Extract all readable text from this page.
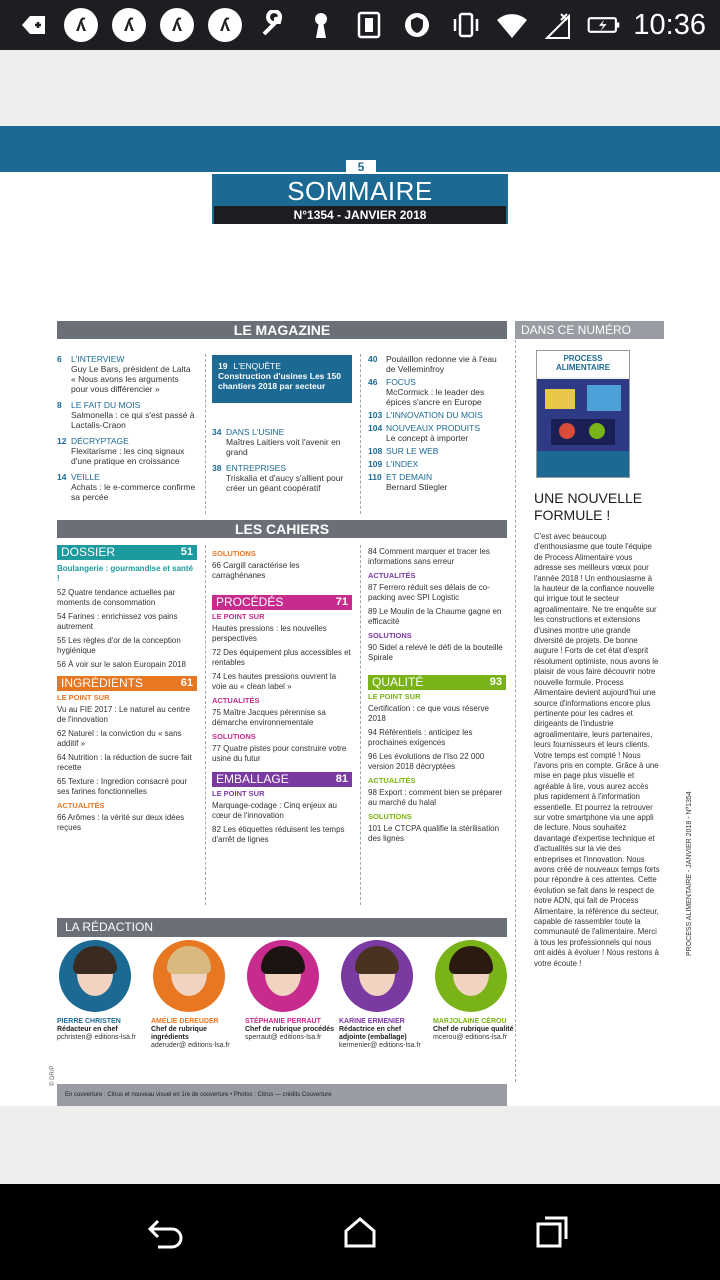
ʎ	ʎ	ʎ	ʎ	10:36
5
SOMMAIRE
N°1354 - JANVIER 2018
LE MAGAZINE	DANS CE NUMÉRO
6	L'INTERVIEW
Guy Le Bars, président de Lalta « Nous avons les arguments pour vous différencier »
8	LE FAIT DU MOIS
Salmonella : ce qui s'est passé à Lactalis-Craon
12 DÉCRYPTAGE
Flexitarisme : les cinq signaux d'une pratique en croissance
14 VEILLE
Achats : le e-commerce confirme sa percée
19 L'ENQUÊTE
Construction d'usines Les 150 chantiers 2018 par secteur
34 DANS L'USINE
Maîtres Laitiers voit l'avenir en grand
38 ENTREPRISES
Triskalia et d'aucy s'allient pour créer un géant coopératif
40	Poulaillon redonne vie à l'eau de Velleminfroy
46	FOCUS
McCormick : le leader des épices s'ancre en Europe
103 L'INNOVATION DU MOIS
104 NOUVEAUX PRODUITS
Le concept à importer
108 SUR LE WEB
109 L'INDEX
110 ET DEMAIN
Bernard Stiegler
LES CAHIERS
DOSSIER	51
Boulangerie : gourmandise et santé !
52 Quatre tendance actuelles par moments de consommation
54 Farines : enrichissez vos pains autrement
55 Les règles d'or de la conception hygiénique
56 À voir sur le salon Europain 2018
INGRÉDIENTS	61
LE POINT SUR
Vu au FIE 2017 : Le naturel au centre de l'innovation
62 Naturel : la conviction du « sans additif »
64 Nutrition : la réduction de sucre fait recette
65 Texture : Ingredion consacré pour ses farines fonctionnelles
ACTUALITÉS
66 Arômes : la vérité sur deux idées reçues
SOLUTIONS
66 Cargill caractérise les carraghénanes
PROCÉDÉS	71
LE POINT SUR
Hautes pressions : les nouvelles perspectives
72 Des équipement plus accessibles et rentables
74 Les hautes pressions ouvrent la voie au « clean label »
ACTUALITÉS
75 Maître Jacques pérennise sa démarche environnementale
SOLUTIONS
77 Quatre pistes pour construire votre usine du futur
EMBALLAGE	81
LE POINT SUR
Marquage-codage : Cinq enjeux au cœur de l'innovation
82 Les étiquettes réduisent les temps d'arrêt de lignes
84 Comment marquer et tracer les informations sans erreur
ACTUALITÉS
87 Ferrero réduit ses délais de co-packing avec SPI Logistic
89 Le Moulin de la Chaume gagne en efficacité
SOLUTIONS
90 Sidel a relevé le défi de la bouteille Spirale
QUALITÉ	93
LE POINT SUR
Certification : ce que vous réserve 2018
94 Référentiels : anticipez les prochaines exigences
96 Les évolutions de l'Iso 22 000 version 2018 décryptées
ACTUALITÉS
98 Export : comment bien se préparer au marché du halal
SOLUTIONS
101 Le CTCPA qualifie la stérilisation des lignes
PROCESS ALIMENTAIRE
UNE NOUVELLE FORMULE !
C'est avec beaucoup d'enthousiasme que toute l'équipe de Process Alimentaire vous adresse ses meilleurs vœux pour l'année 2018 ! Un enthousiasme à la hauteur de la confiance nouvelle qui irrigue tout le secteur agroalimentaire. Ne tre enquête sur les constructions et extensions d'usines montre une grande diversité de projets. De bonne augure ! Forts de cet état d'esprit résolument optimiste, nous avons le plaisir de vous faire découvrir notre nouvelle formule. Process Alimentaire devient aujourd'hui une source d'informations encore plus pertinente pour les cadres et dirigeants de l'industrie agroalimentaire, leurs partenaires, leurs fournisseurs et leurs clients. Votre temps est compté ! Nous l'avons pris en compte. Grâce à une mise en page plus visuelle et agréable à lire, vous aurez accès plus rapidement à l'information essentielle. Et pourrez la retrouver sur votre smartphone via une appli de lecture. Nous souhaitez davantage d'expertise technique et d'actualités sur la vie des entreprises et l'innovation. Nous avons créé de nouveaux temps forts pour répondre à ces attentes. Cette évolution se fait dans le respect de notre ADN, qui fait de Process Alimentaire, la référence du secteur, capable de rassembler toute la communauté de l'alimentaire. Merci à tous les professionnels qui nous ont aidés à évoluer ! Nous restons à votre écoute !
LA RÉDACTION
PIERRE CHRISTEN
Rédacteur en chef
pchristen@ editions-lsa.fr
AMÉLIE DEREUDER
Chef de rubrique ingrédients
aderuder@ editions-lsa.fr
STÉPHANIE PERRAUT
Chef de rubrique procédés
sperraut@ editions-lsa.fr
KARINE ERMENIER
Rédactrice en chef adjointe (emballage)
kermenier@ editions-lsa.fr
MARJOLAINE CÉROU
Chef de rubrique qualité
mcerou@ editions-lsa.fr
En couverture : Citrus et nouveau visuel en 1re de couverture • Photos : Citrus — crédits Couverture
© DR/P
PROCESS ALIMENTAIRE - JANVIER 2018 - Nº1354
